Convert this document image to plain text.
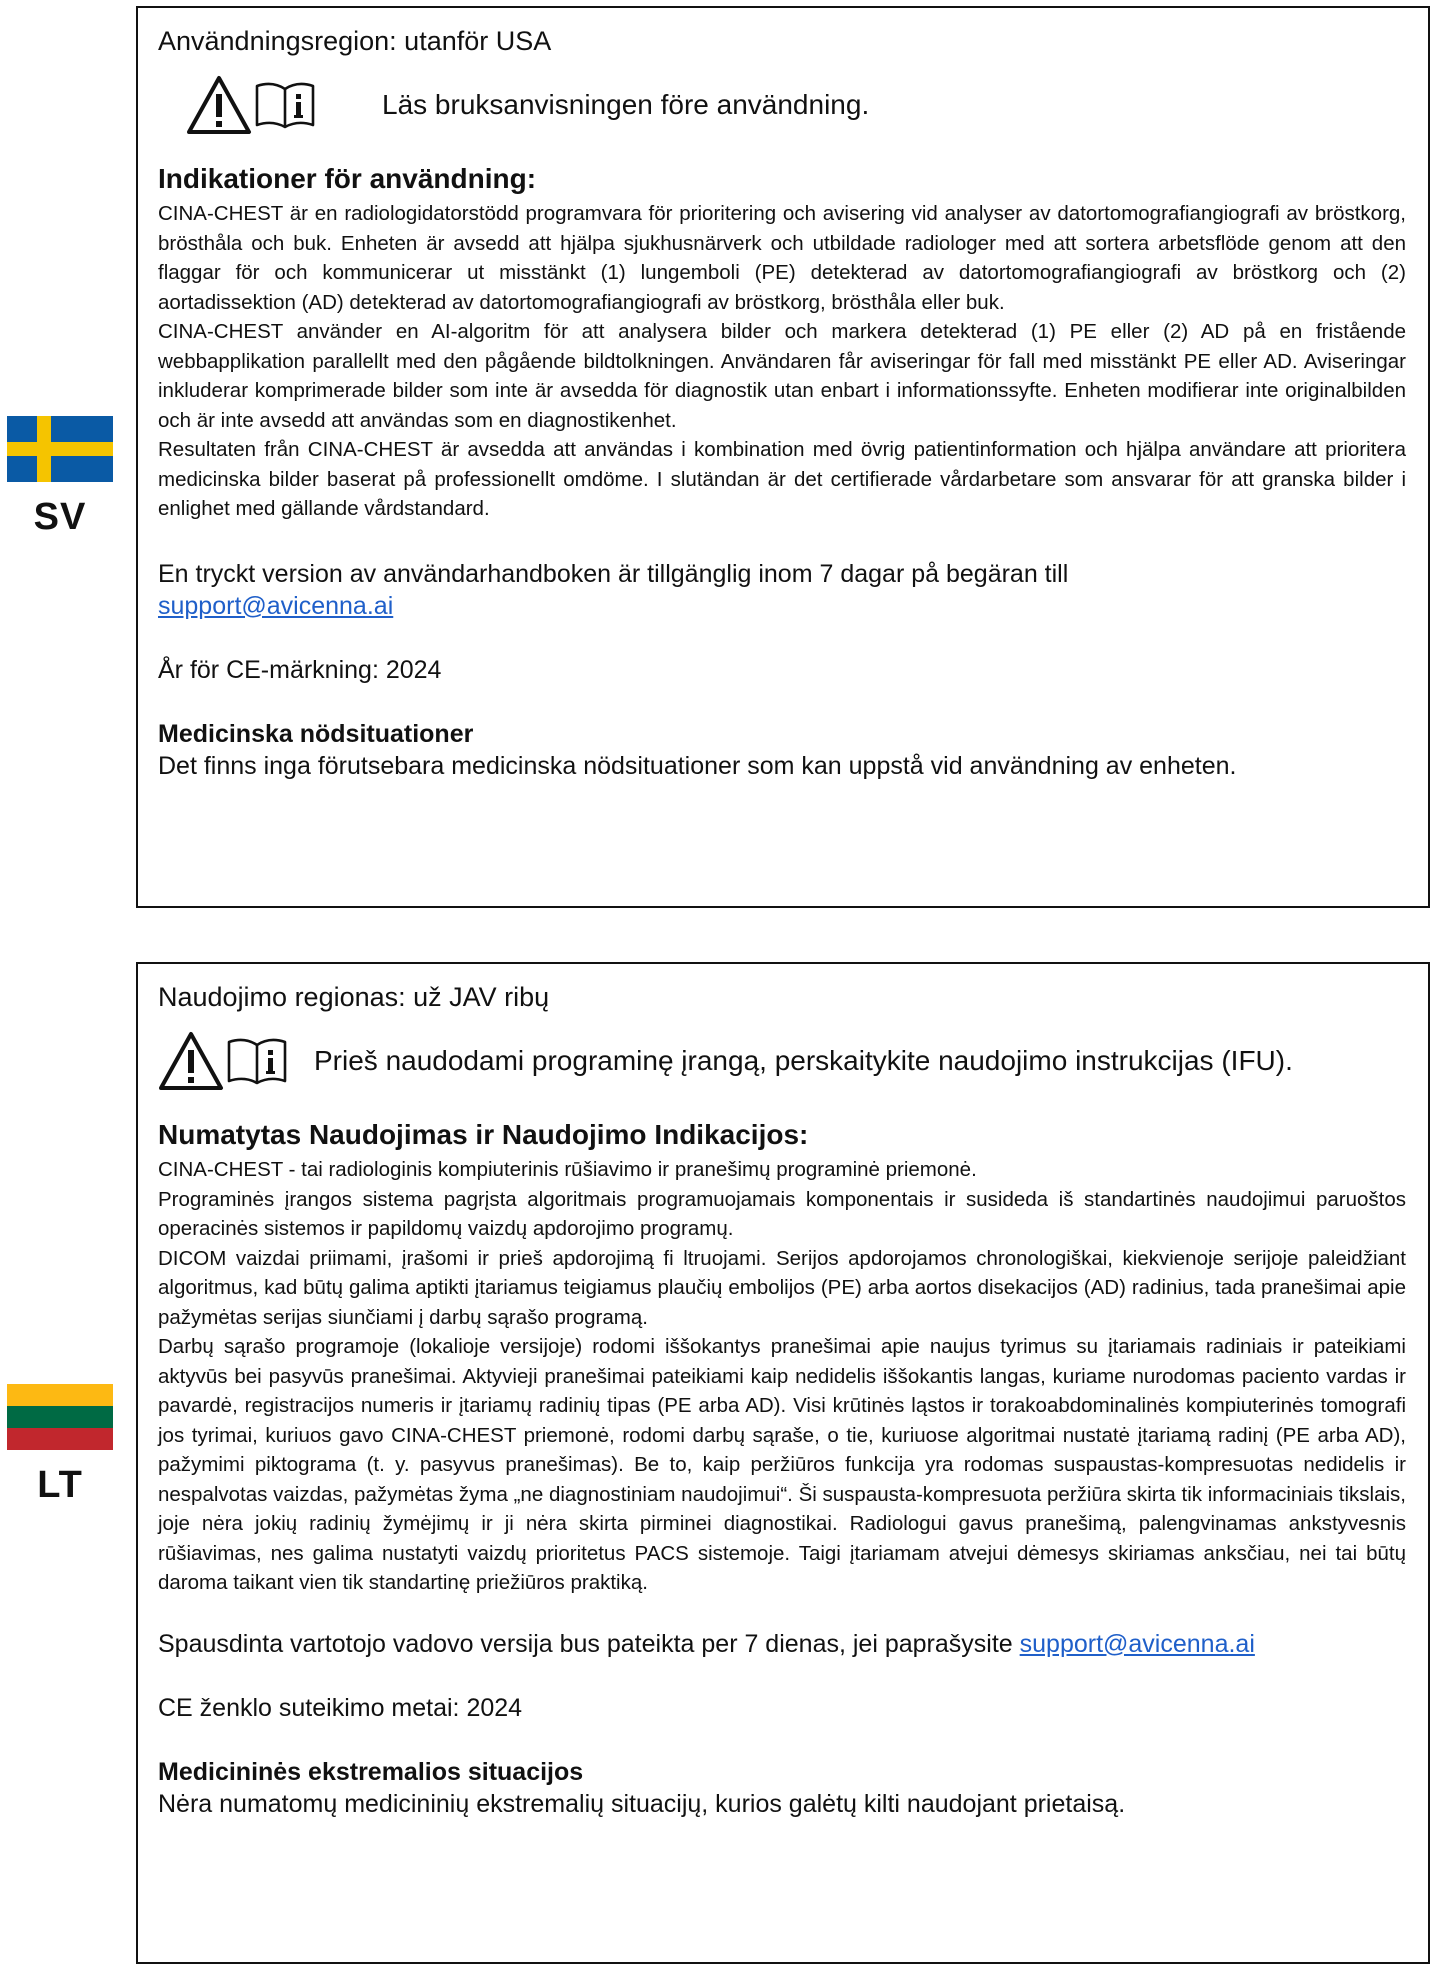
SV
Användningsregion: utanför USA
Läs bruksanvisningen före användning.
Indikationer för användning:

CINA-CHEST är en radiologidatorstödd programvara för prioritering och avisering vid analyser av datortomografiangiografi av bröstkorg, brösthåla och buk. Enheten är avsedd att hjälpa sjukhusnärverk och utbildade radiologer med att sortera arbetsflöde genom att den flaggar för och kommunicerar ut misstänkt (1) lungemboli (PE) detekterad av datortomografiangiografi av bröstkorg och (2) aortadissektion (AD) detekterad av datortomografiangiografi av bröstkorg, brösthåla eller buk.

CINA-CHEST använder en AI-algoritm för att analysera bilder och markera detekterad (1) PE eller (2) AD på en fristående webbapplikation parallellt med den pågående bildtolkningen. Användaren får aviseringar för fall med misstänkt PE eller AD. Aviseringar inkluderar komprimerade bilder som inte är avsedda för diagnostik utan enbart i informationssyfte. Enheten modifierar inte originalbilden och är inte avsedd att användas som en diagnostikenhet.

Resultaten från CINA-CHEST är avsedda att användas i kombination med övrig patientinformation och hjälpa användare att prioritera medicinska bilder baserat på professionellt omdöme. I slutändan är det certifierade vårdarbetare som ansvarar för att granska bilder i enlighet med gällande vårdstandard.

En tryckt version av användarhandboken är tillgänglig inom 7 dagar på begäran till
support@avicenna.ai

År för CE-märkning: 2024

Medicinska nödsituationer

Det finns inga förutsebara medicinska nödsituationer som kan uppstå vid användning av enheten.

LT
Naudojimo regionas: už JAV ribų
Prieš naudodami programinę įrangą, perskaitykite naudojimo instrukcijas (IFU).
Numatytas Naudojimas ir Naudojimo Indikacijos:

CINA-CHEST - tai radiologinis kompiuterinis rūšiavimo ir pranešimų programinė priemonė.

Programinės įrangos sistema pagrįsta algoritmais programuojamais komponentais ir susideda iš standartinės naudojimui paruoštos operacinės sistemos ir papildomų vaizdų apdorojimo programų.

DICOM vaizdai priimami, įrašomi ir prieš apdorojimą fi ltruojami. Serijos apdorojamos chronologiškai, kiekvienoje serijoje paleidžiant algoritmus, kad būtų galima aptikti įtariamus teigiamus plaučių embolijos (PE) arba aortos disekacijos (AD) radinius, tada pranešimai apie pažymėtas serijas siunčiami į darbų sąrašo programą.

Darbų sąrašo programoje (lokalioje versijoje) rodomi iššokantys pranešimai apie naujus tyrimus su įtariamais radiniais ir pateikiami aktyvūs bei pasyvūs pranešimai. Aktyvieji pranešimai pateikiami kaip nedidelis iššokantis langas, kuriame nurodomas paciento vardas ir pavardė, registracijos numeris ir įtariamų radinių tipas (PE arba AD). Visi krūtinės ląstos ir torakoabdominalinės kompiuterinės tomografi jos tyrimai, kuriuos gavo CINA-CHEST priemonė, rodomi darbų sąraše, o tie, kuriuose algoritmai nustatė įtariamą radinį (PE arba AD), pažymimi piktograma (t. y. pasyvus pranešimas). Be to, kaip peržiūros funkcija yra rodomas suspaustas-kompresuotas nedidelis ir nespalvotas vaizdas, pažymėtas žyma „ne diagnostiniam naudojimui“. Ši suspausta-kompresuota peržiūra skirta tik informaciniais tikslais, joje nėra jokių radinių žymėjimų ir ji nėra skirta pirminei diagnostikai. Radiologui gavus pranešimą, palengvinamas ankstyvesnis rūšiavimas, nes galima nustatyti vaizdų prioritetus PACS sistemoje. Taigi įtariamam atvejui dėmesys skiriamas anksčiau, nei tai būtų daroma taikant vien tik standartinę priežiūros praktiką.

Spausdinta vartotojo vadovo versija bus pateikta per 7 dienas, jei paprašysite support@avicenna.ai

CE ženklo suteikimo metai: 2024

Medicininės ekstremalios situacijos

Nėra numatomų medicininių ekstremalių situacijų, kurios galėtų kilti naudojant prietaisą.
